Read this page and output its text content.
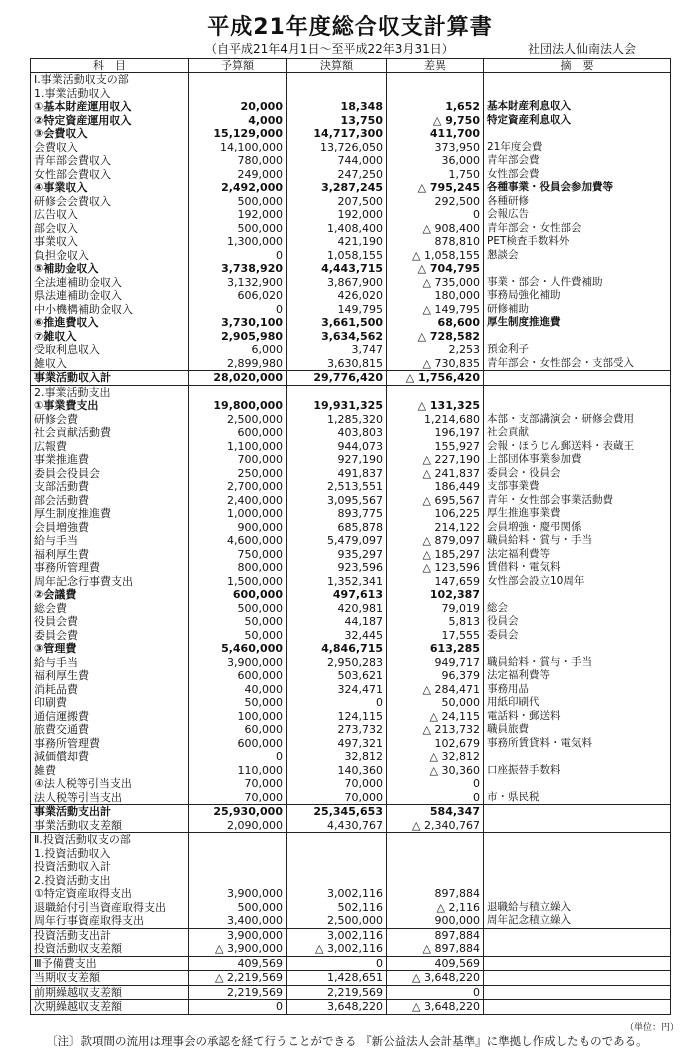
平成21年度総合収支計算書
（自平成21年4月1日～至平成22年3月31日）	社団法人仙南法人会
科　目	予算額	決算額	差異	摘　要
Ⅰ.事業活動収支の部				
1.事業活動収入				
①基本財産運用収入	20,000	18,348	1,652	基本財産利息収入
②特定資産運用収入	4,000	13,750	△ 9,750	特定資産利息収入
③会費収入	15,129,000	14,717,300	411,700	
会費収入	14,100,000	13,726,050	373,950	21年度会費
青年部会費収入	780,000	744,000	36,000	青年部会費
女性部会費収入	249,000	247,250	1,750	女性部会費
④事業収入	2,492,000	3,287,245	△ 795,245	各種事業・役員会参加費等
研修会会費収入	500,000	207,500	292,500	各種研修
広告収入	192,000	192,000	0	会報広告
部会収入	500,000	1,408,400	△ 908,400	青年部会・女性部会
事業収入	1,300,000	421,190	878,810	PET検査手数料外
負担金収入	0	1,058,155	△ 1,058,155	懇談会
⑤補助金収入	3,738,920	4,443,715	△ 704,795	
全法連補助金収入	3,132,900	3,867,900	△ 735,000	事業・部会・人件費補助
県法連補助金収入	606,020	426,020	180,000	事務局強化補助
中小機構補助金収入	0	149,795	△ 149,795	研修補助
⑥推進費収入	3,730,100	3,661,500	68,600	厚生制度推進費
⑦雑収入	2,905,980	3,634,562	△ 728,582	
受取利息収入	6,000	3,747	2,253	預金利子
雑収入	2,899,980	3,630,815	△ 730,835	青年部会・女性部会・支部受入
事業活動収入計	28,020,000	29,776,420	△ 1,756,420	
2.事業活動支出				
①事業費支出	19,800,000	19,931,325	△ 131,325	
研修会費	2,500,000	1,285,320	1,214,680	本部・支部講演会・研修会費用
社会貢献活動費	600,000	403,803	196,197	社会貢献
広報費	1,100,000	944,073	155,927	会報・ほうじん郵送料・表蔵王
事業推進費	700,000	927,190	△ 227,190	上部団体事業参加費
委員会役員会	250,000	491,837	△ 241,837	委員会・役員会
支部活動費	2,700,000	2,513,551	186,449	支部事業費
部会活動費	2,400,000	3,095,567	△ 695,567	青年・女性部会事業活動費
厚生制度推進費	1,000,000	893,775	106,225	厚生推進事業費
会員増強費	900,000	685,878	214,122	会員増強・慶弔関係
給与手当	4,600,000	5,479,097	△ 879,097	職員給料・賞与・手当
福利厚生費	750,000	935,297	△ 185,297	法定福利費等
事務所管理費	800,000	923,596	△ 123,596	賃借料・電気料
周年記念行事費支出	1,500,000	1,352,341	147,659	女性部会設立10周年
②会議費	600,000	497,613	102,387	
総会費	500,000	420,981	79,019	総会
役員会費	50,000	44,187	5,813	役員会
委員会費	50,000	32,445	17,555	委員会
③管理費	5,460,000	4,846,715	613,285	
給与手当	3,900,000	2,950,283	949,717	職員給料・賞与・手当
福利厚生費	600,000	503,621	96,379	法定福利費等
消耗品費	40,000	324,471	△ 284,471	事務用品
印刷費	50,000	0	50,000	用紙印刷代
通信運搬費	100,000	124,115	△ 24,115	電話料・郵送料
旅費交通費	60,000	273,732	△ 213,732	職員旅費
事務所管理費	600,000	497,321	102,679	事務所賃貸料・電気料
減価償却費	0	32,812	△ 32,812	
雑費	110,000	140,360	△ 30,360	口座振替手数料
④法人税等引当支出	70,000	70,000	0	
法人税等引当支出	70,000	70,000	0	市・県民税
事業活動支出計	25,930,000	25,345,653	584,347	
事業活動収支差額	2,090,000	4,430,767	△ 2,340,767	
Ⅱ.投資活動収支の部				
1.投資活動収入				
投資活動収入計				
2.投資活動支出				
①特定資産取得支出	3,900,000	3,002,116	897,884	
退職給付引当資産取得支出	500,000	502,116	△ 2,116	退職給与積立繰入
周年行事資産取得支出	3,400,000	2,500,000	900,000	周年記念積立繰入
投資活動支出計	3,900,000	3,002,116	897,884	
投資活動収支差額	△ 3,900,000	△ 3,002,116	△ 897,884	
Ⅲ予備費支出	409,569	0	409,569	
当期収支差額	△ 2,219,569	1,428,651	△ 3,648,220	
前期繰越収支差額	2,219,569	2,219,569	0	
次期繰越収支差額	0	3,648,220	△ 3,648,220	
（単位：円）
〔注〕款項間の流用は理事会の承認を経て行うことができる 『新公益法人会計基準』に準拠し作成したものである。
